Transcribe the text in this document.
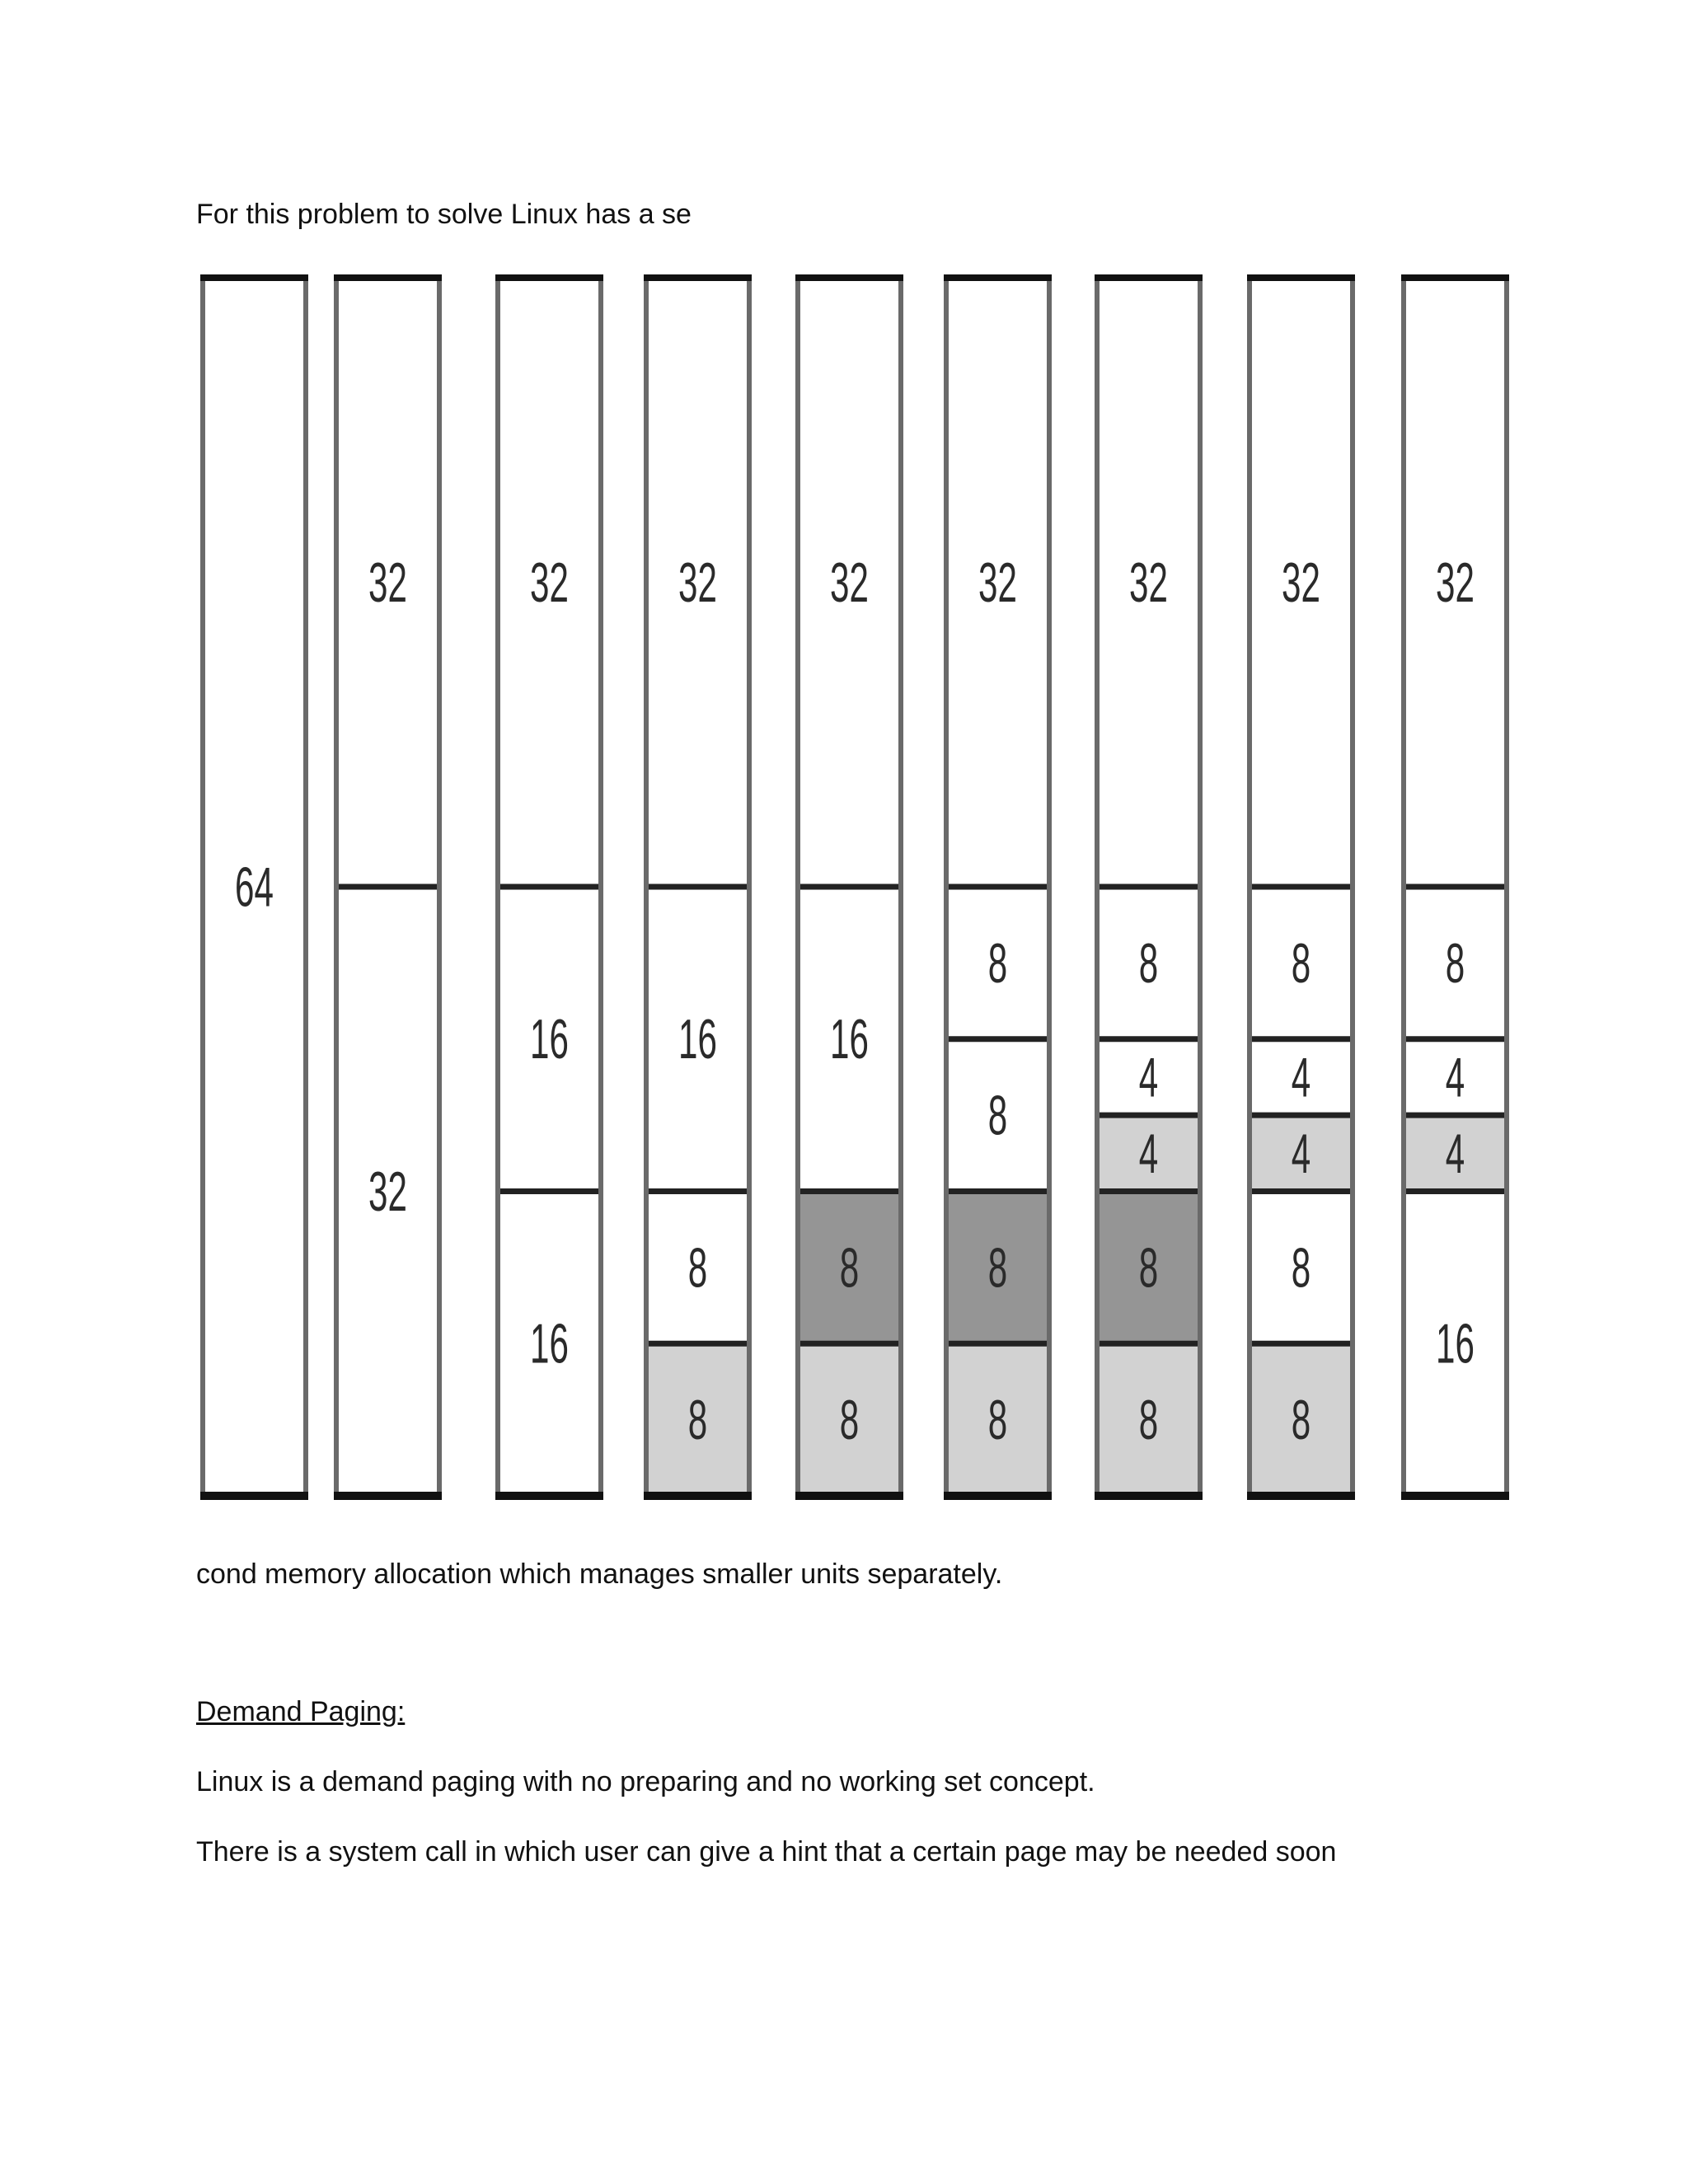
For this problem to solve Linux has a se
64
32
32
32
16
16
32
16
8
8
32
16
8
8
32
8
8
8
8
32
8
4
4
8
8
32
8
4
4
8
8
32
8
4
4
16
cond memory allocation which manages smaller units separately.
Demand Paging:
Linux is a demand paging with no preparing and no working set concept.
There is a system call in which user can give a hint that a certain page may be needed soon
